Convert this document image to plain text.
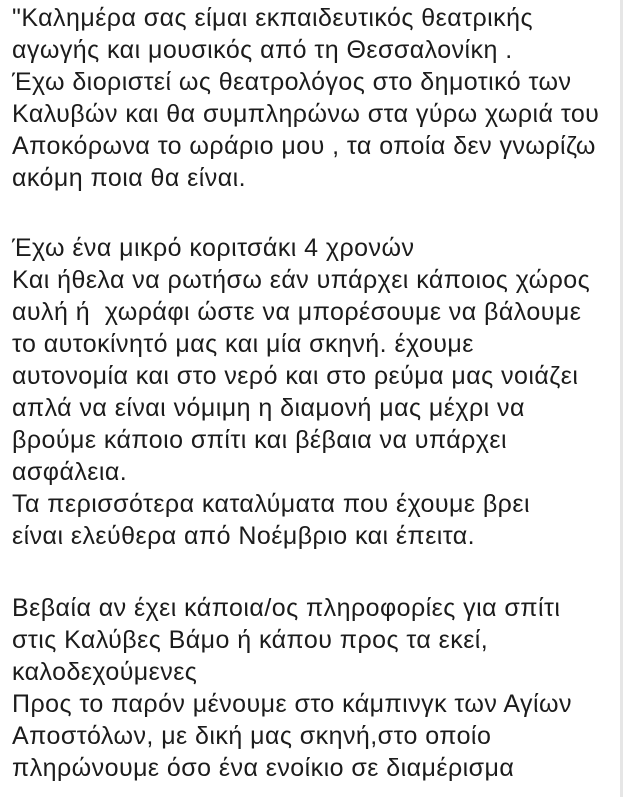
"Καλημέρα σας είμαι εκπαιδευτικός θεατρικής

αγωγής και μουσικός από τη Θεσσαλονίκη .

Έχω διοριστεί ως θεατρολόγος στο δημοτικό των

Καλυβών και θα συμπληρώνω στα γύρω χωριά του

Αποκόρωνα το ωράριο μου , τα οποία δεν γνωρίζω

ακόμη ποια θα είναι.

Έχω ένα μικρό κοριτσάκι 4 χρονών

Και ήθελα να ρωτήσω εάν υπάρχει κάποιος χώρος

αυλή ή  χωράφι ώστε να μπορέσουμε να βάλουμε

το αυτοκίνητό μας και μία σκηνή. έχουμε

αυτονομία και στο νερό και στο ρεύμα μας νοιάζει

απλά να είναι νόμιμη η διαμονή μας μέχρι να

βρούμε κάποιο σπίτι και βέβαια να υπάρχει

ασφάλεια.

Τα περισσότερα καταλύματα που έχουμε βρει

είναι ελεύθερα από Νοέμβριο και έπειτα.

Βεβαία αν έχει κάποια/ος πληροφορίες για σπίτι

στις Καλύβες Βάμο ή κάπου προς τα εκεί,

καλοδεχούμενες

Προς το παρόν μένουμε στο κάμπινγκ των Αγίων

Αποστόλων, με δική μας σκηνή,στο οποίο

πληρώνουμε όσο ένα ενοίκιο σε διαμέρισμα
